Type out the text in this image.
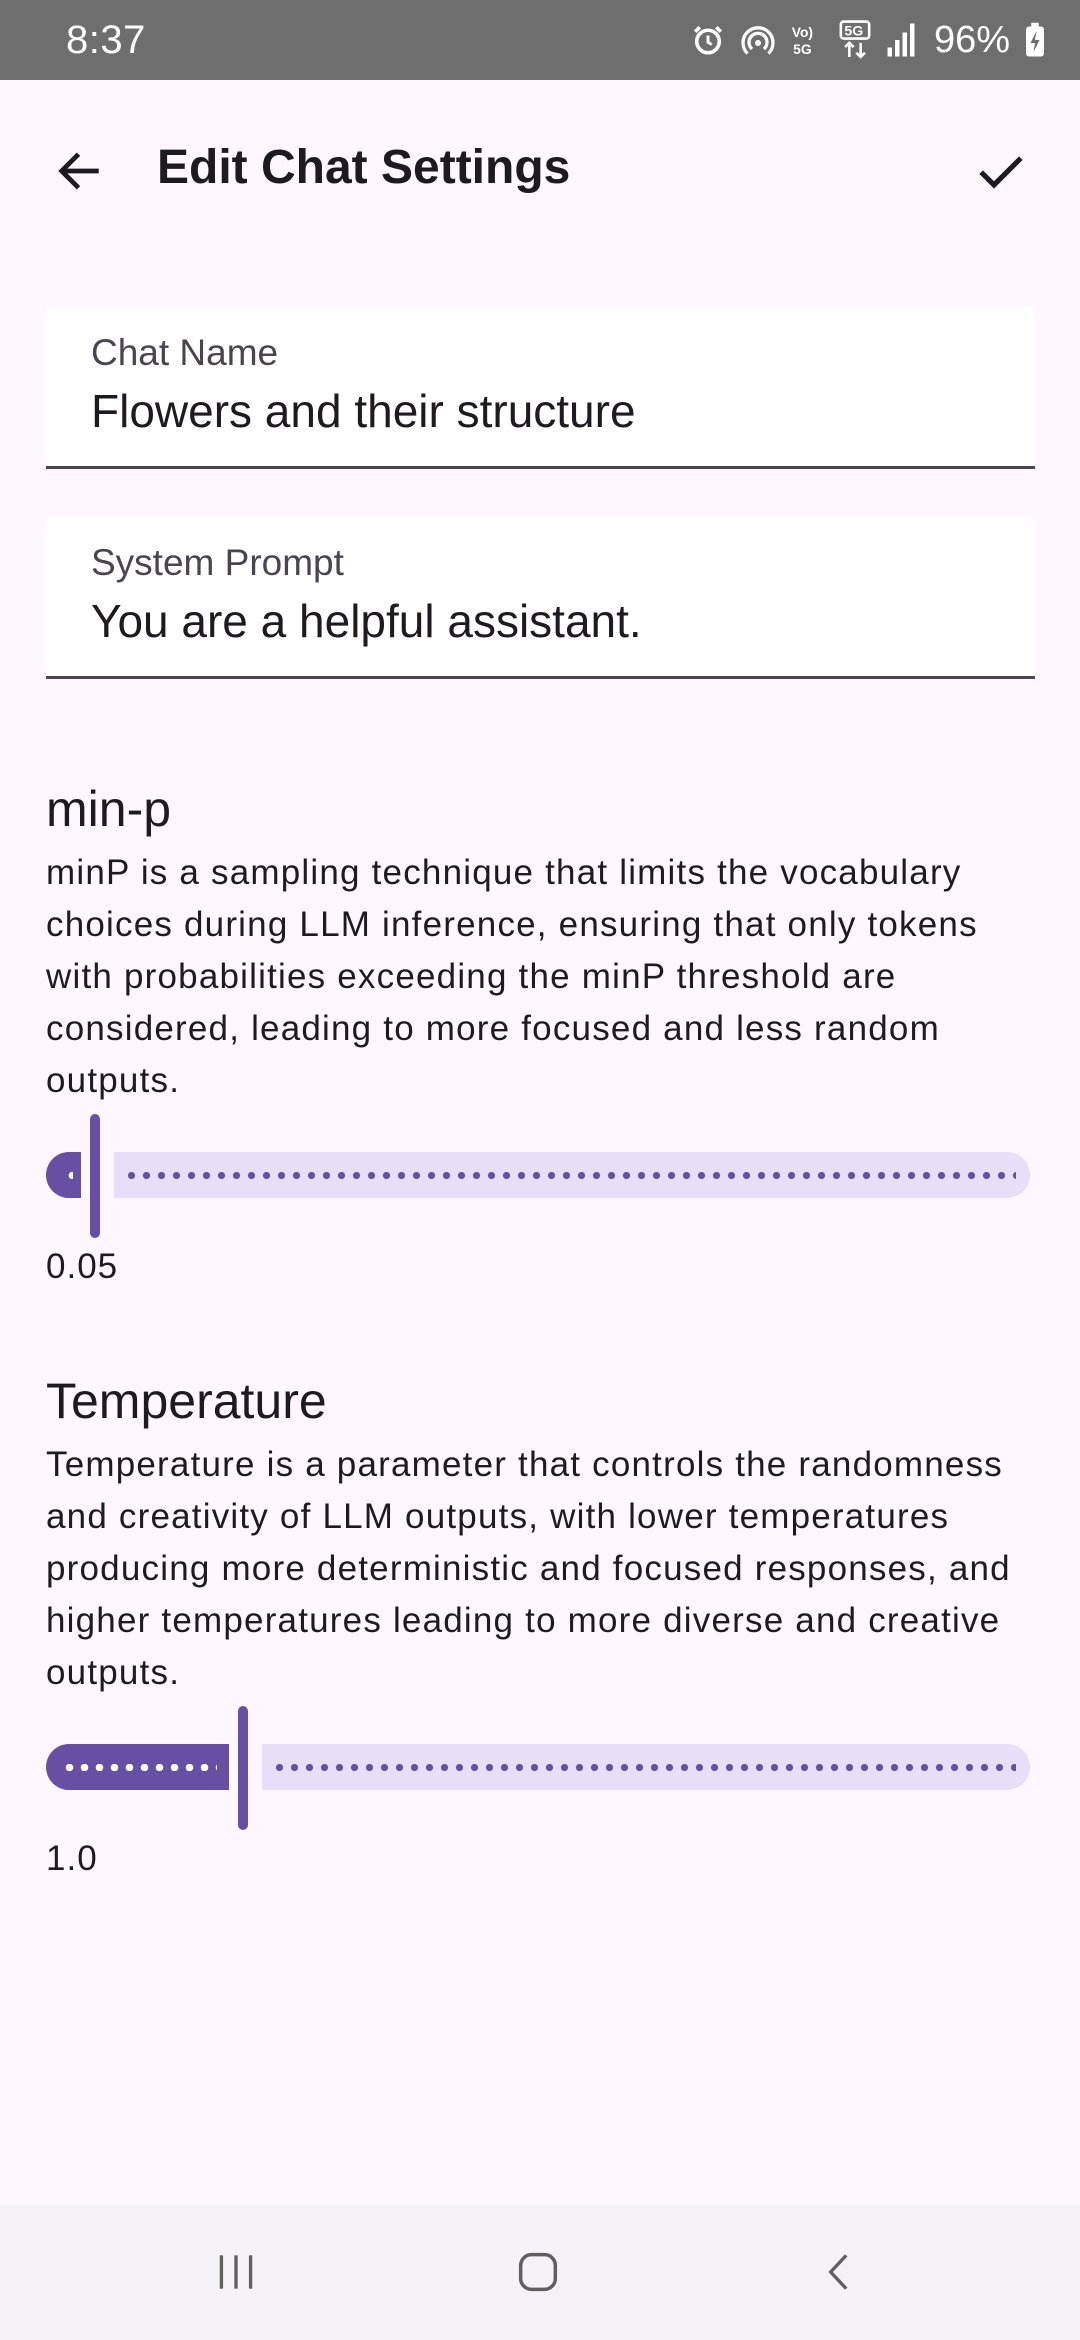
8:37	Vo)
5G
5G 96%
Edit Chat Settings
Chat Name
Flowers and their structure
System Prompt
You are a helpful assistant.
min-p
minP is a sampling technique that limits the vocabulary choices during LLM inference, ensuring that only tokens with probabilities exceeding the minP threshold are considered, leading to more focused and less random outputs.
0.05
Temperature
Temperature is a parameter that controls the randomness and creativity of LLM outputs, with lower temperatures producing more deterministic and focused responses, and higher temperatures leading to more diverse and creative outputs.
1.0
